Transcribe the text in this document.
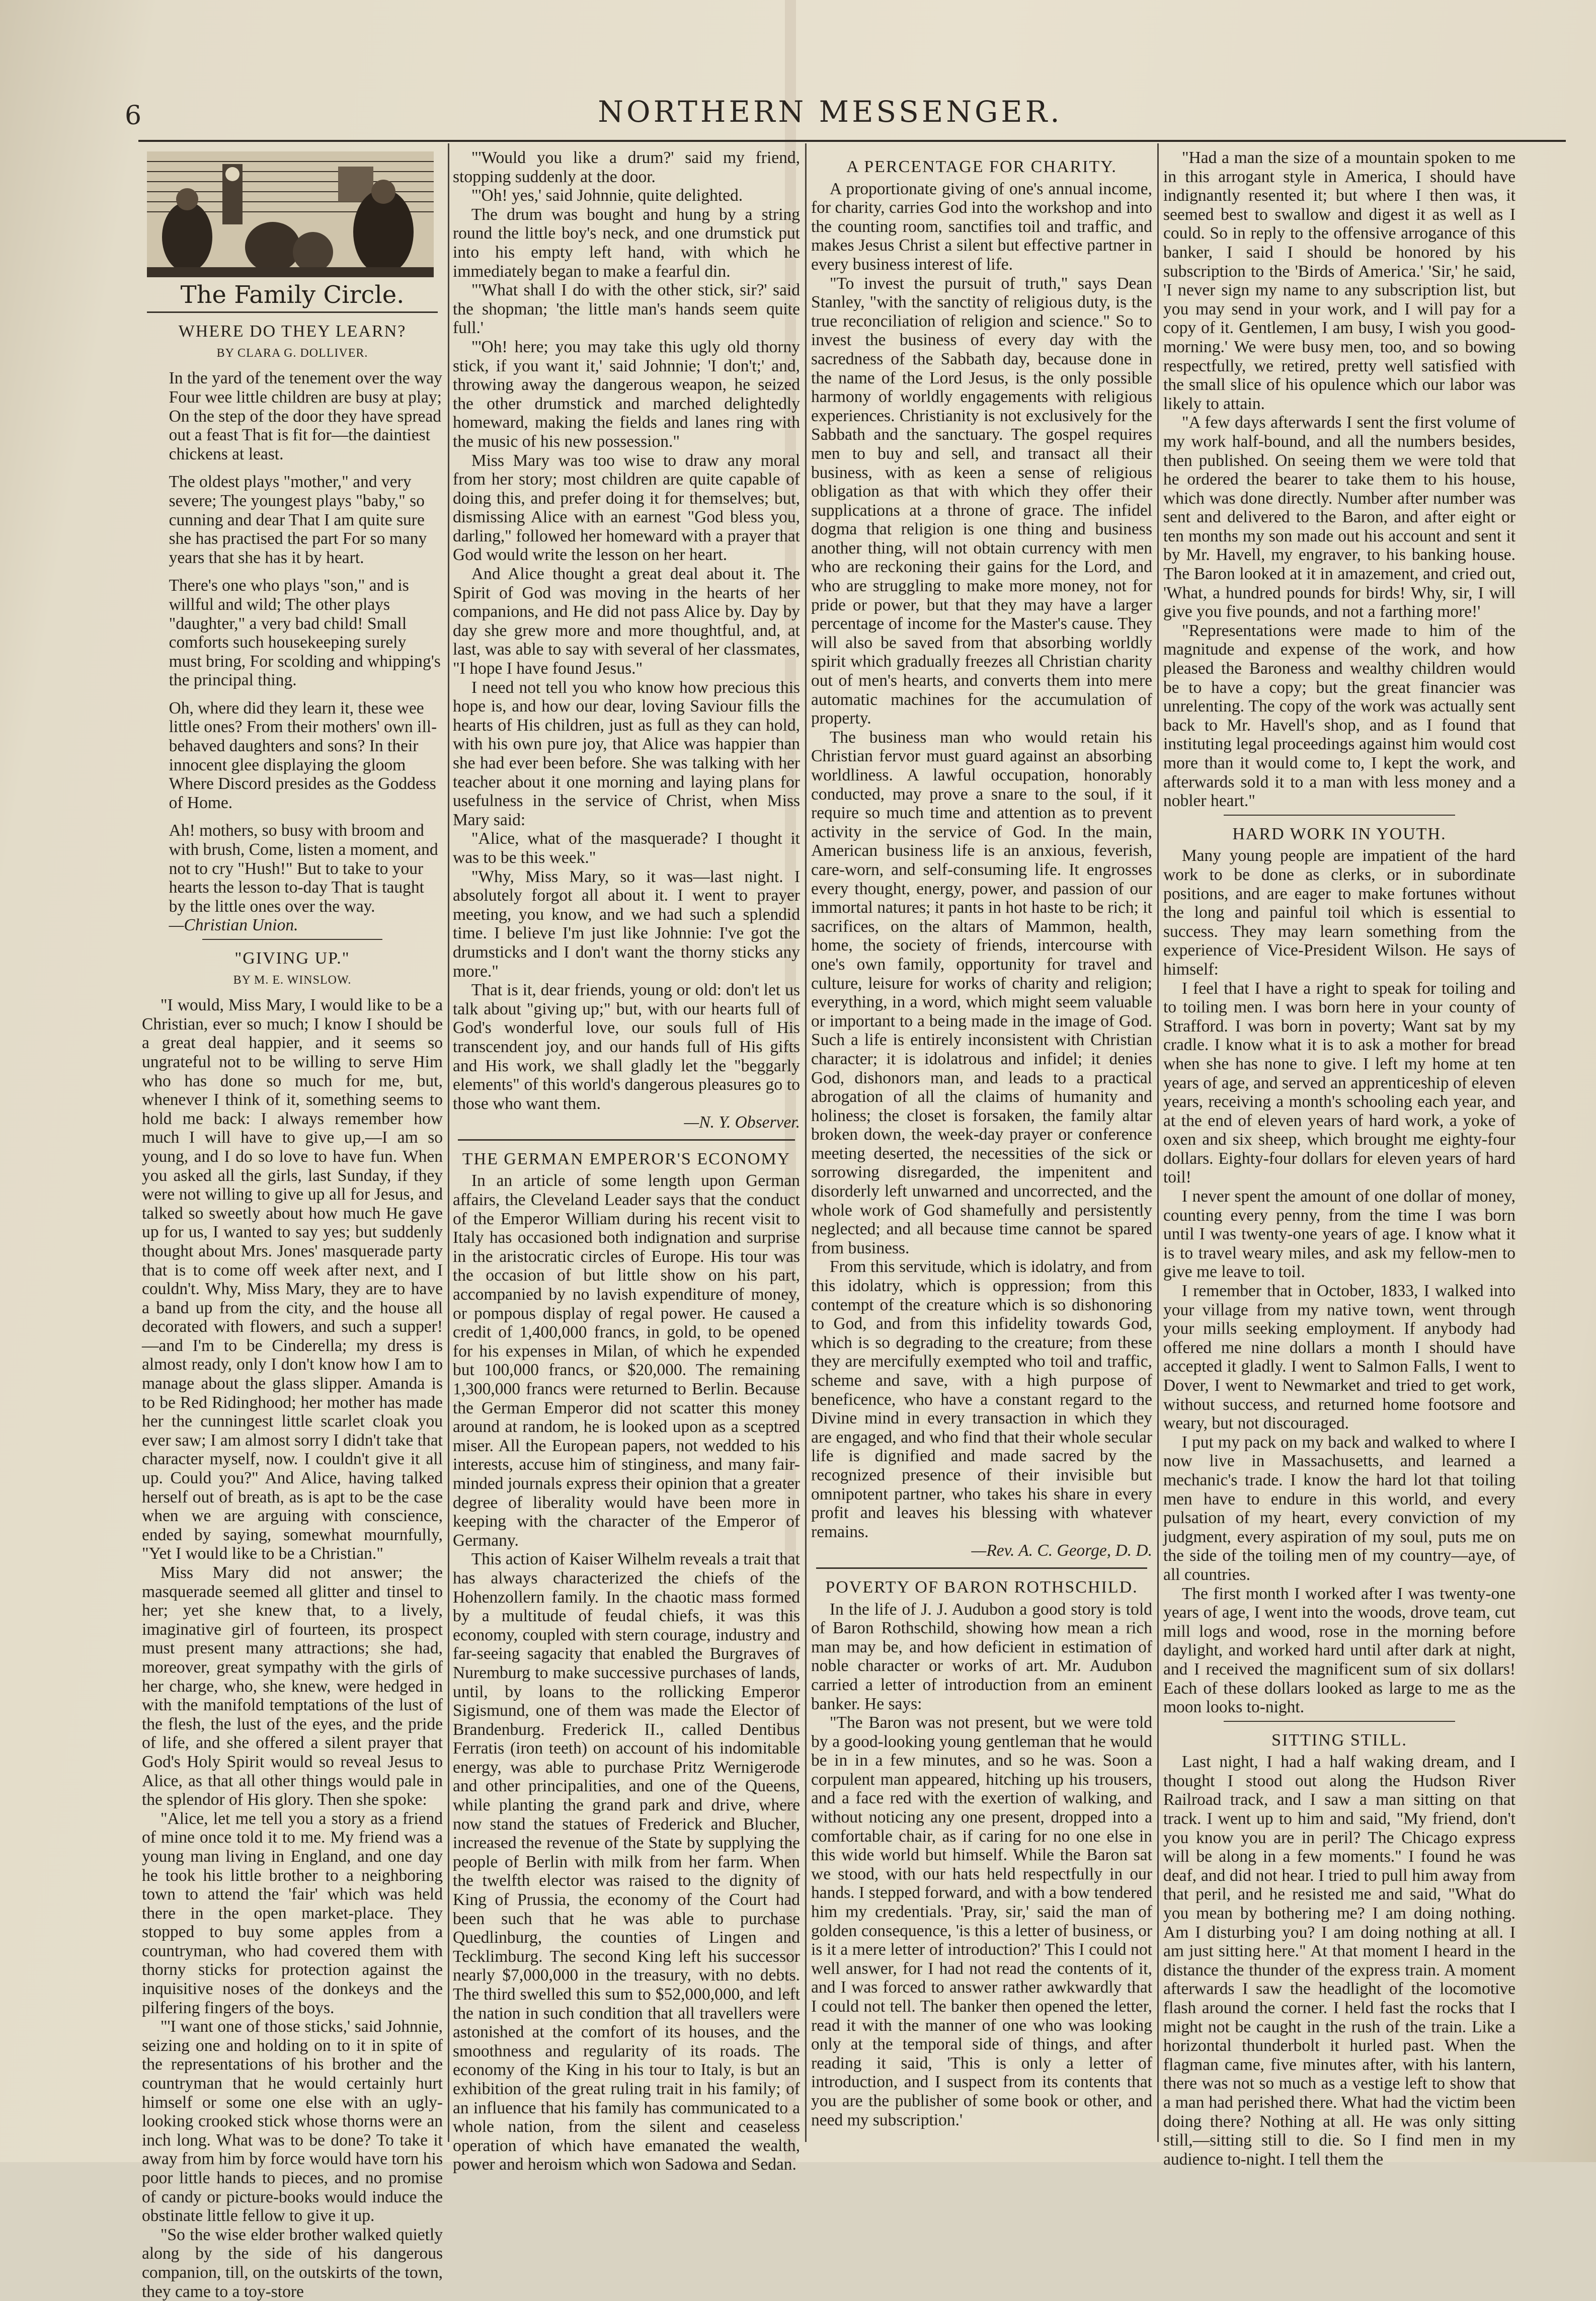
6	NORTHERN MESSENGER.
The Family Circle.
WHERE DO THEY LEARN?
BY CLARA G. DOLLIVER.

In the yard of the tenement over the way Four wee little children are busy at play; On the step of the door they have spread out a feast That is fit for—the daintiest chickens at least.

The oldest plays "mother," and very severe; The youngest plays "baby," so cunning and dear That I am quite sure she has practised the part For so many years that she has it by heart.

There's one who plays "son," and is willful and wild; The other plays "daughter," a very bad child! Small comforts such housekeeping surely must bring, For scolding and whipping's the principal thing.

Oh, where did they learn it, these wee little ones? From their mothers' own ill-behaved daughters and sons? In their innocent glee displaying the gloom Where Discord presides as the Goddess of Home.

Ah! mothers, so busy with broom and with brush, Come, listen a moment, and not to cry "Hush!" But to take to your hearts the lesson to-day That is taught by the little ones over the way.

—Christian Union.

"GIVING UP."
BY M. E. WINSLOW.

"I would, Miss Mary, I would like to be a Christian, ever so much; I know I should be a great deal happier, and it seems so ungrateful not to be willing to serve Him who has done so much for me, but, whenever I think of it, something seems to hold me back: I always remember how much I will have to give up,—I am so young, and I do so love to have fun. When you asked all the girls, last Sunday, if they were not willing to give up all for Jesus, and talked so sweetly about how much He gave up for us, I wanted to say yes; but suddenly thought about Mrs. Jones' masquerade party that is to come off week after next, and I couldn't. Why, Miss Mary, they are to have a band up from the city, and the house all decorated with flowers, and such a supper! —and I'm to be Cinderella; my dress is almost ready, only I don't know how I am to manage about the glass slipper. Amanda is to be Red Ridinghood; her mother has made her the cunningest little scarlet cloak you ever saw; I am almost sorry I didn't take that character myself, now. I couldn't give it all up. Could you?" And Alice, having talked herself out of breath, as is apt to be the case when we are arguing with conscience, ended by saying, somewhat mournfully, "Yet I would like to be a Christian."

Miss Mary did not answer; the masquerade seemed all glitter and tinsel to her; yet she knew that, to a lively, imaginative girl of fourteen, its prospect must present many attractions; she had, moreover, great sympathy with the girls of her charge, who, she knew, were hedged in with the manifold temptations of the lust of the flesh, the lust of the eyes, and the pride of life, and she offered a silent prayer that God's Holy Spirit would so reveal Jesus to Alice, as that all other things would pale in the splendor of His glory. Then she spoke:

"Alice, let me tell you a story as a friend of mine once told it to me. My friend was a young man living in England, and one day he took his little brother to a neighboring town to attend the 'fair' which was held there in the open market-place. They stopped to buy some apples from a countryman, who had covered them with thorny sticks for protection against the inquisitive noses of the donkeys and the pilfering fingers of the boys.

"'I want one of those sticks,' said Johnnie, seizing one and holding on to it in spite of the representations of his brother and the countryman that he would certainly hurt himself or some one else with an ugly-looking crooked stick whose thorns were an inch long. What was to be done? To take it away from him by force would have torn his poor little hands to pieces, and no promise of candy or picture-books would induce the obstinate little fellow to give it up.

"So the wise elder brother walked quietly along by the side of his dangerous companion, till, on the outskirts of the town, they came to a toy-store

"'Would you like a drum?' said my friend, stopping suddenly at the door.

"'Oh! yes,' said Johnnie, quite delighted.

The drum was bought and hung by a string round the little boy's neck, and one drumstick put into his empty left hand, with which he immediately began to make a fearful din.

"'What shall I do with the other stick, sir?' said the shopman; 'the little man's hands seem quite full.'

"'Oh! here; you may take this ugly old thorny stick, if you want it,' said Johnnie; 'I don't;' and, throwing away the dangerous weapon, he seized the other drumstick and marched delightedly homeward, making the fields and lanes ring with the music of his new possession."

Miss Mary was too wise to draw any moral from her story; most children are quite capable of doing this, and prefer doing it for themselves; but, dismissing Alice with an earnest "God bless you, darling," followed her homeward with a prayer that God would write the lesson on her heart.

And Alice thought a great deal about it. The Spirit of God was moving in the hearts of her companions, and He did not pass Alice by. Day by day she grew more and more thoughtful, and, at last, was able to say with several of her classmates, "I hope I have found Jesus."

I need not tell you who know how precious this hope is, and how our dear, loving Saviour fills the hearts of His children, just as full as they can hold, with his own pure joy, that Alice was happier than she had ever been before. She was talking with her teacher about it one morning and laying plans for usefulness in the service of Christ, when Miss Mary said:

"Alice, what of the masquerade? I thought it was to be this week."

"Why, Miss Mary, so it was—last night. I absolutely forgot all about it. I went to prayer meeting, you know, and we had such a splendid time. I believe I'm just like Johnnie: I've got the drumsticks and I don't want the thorny sticks any more."

That is it, dear friends, young or old: don't let us talk about "giving up;" but, with our hearts full of God's wonderful love, our souls full of His transcendent joy, and our hands full of His gifts and His work, we shall gladly let the "beggarly elements" of this world's dangerous pleasures go to those who want them.

—N. Y. Observer.

THE GERMAN EMPEROR'S ECONOMY

In an article of some length upon German affairs, the Cleveland Leader says that the conduct of the Emperor William during his recent visit to Italy has occasioned both indignation and surprise in the aristocratic circles of Europe. His tour was the occasion of but little show on his part, accompanied by no lavish expenditure of money, or pompous display of regal power. He caused a credit of 1,400,000 francs, in gold, to be opened for his expenses in Milan, of which he expended but 100,000 francs, or $20,000. The remaining 1,300,000 francs were returned to Berlin. Because the German Emperor did not scatter this money around at random, he is looked upon as a sceptred miser. All the European papers, not wedded to his interests, accuse him of stinginess, and many fair-minded journals express their opinion that a greater degree of liberality would have been more in keeping with the character of the Emperor of Germany.

This action of Kaiser Wilhelm reveals a trait that has always characterized the chiefs of the Hohenzollern family. In the chaotic mass formed by a multitude of feudal chiefs, it was this economy, coupled with stern courage, industry and far-seeing sagacity that enabled the Burgraves of Nuremburg to make successive purchases of lands, until, by loans to the rollicking Emperor Sigismund, one of them was made the Elector of Brandenburg. Frederick II., called Dentibus Ferratis (iron teeth) on account of his indomitable energy, was able to purchase Pritz Wernigerode and other principalities, and one of the Queens, while planting the grand park and drive, where now stand the statues of Frederick and Blucher, increased the revenue of the State by supplying the people of Berlin with milk from her farm. When the twelfth elector was raised to the dignity of King of Prussia, the economy of the Court had been such that he was able to purchase Quedlinburg, the counties of Lingen and Tecklimburg. The second King left his successor nearly $7,000,000 in the treasury, with no debts. The third swelled this sum to $52,000,000, and left the nation in such condition that all travellers were astonished at the comfort of its houses, and the smoothness and regularity of its roads. The economy of the King in his tour to Italy, is but an exhibition of the great ruling trait in his family; of an influence that his family has communicated to a whole nation, from the silent and ceaseless operation of which have emanated the wealth, power and heroism which won Sadowa and Sedan.

A PERCENTAGE FOR CHARITY.

A proportionate giving of one's annual income, for charity, carries God into the workshop and into the counting room, sanctifies toil and traffic, and makes Jesus Christ a silent but effective partner in every business interest of life.

"To invest the pursuit of truth," says Dean Stanley, "with the sanctity of religious duty, is the true reconciliation of religion and science." So to invest the business of every day with the sacredness of the Sabbath day, because done in the name of the Lord Jesus, is the only possible harmony of worldly engagements with religious experiences. Christianity is not exclusively for the Sabbath and the sanctuary. The gospel requires men to buy and sell, and transact all their business, with as keen a sense of religious obligation as that with which they offer their supplications at a throne of grace. The infidel dogma that religion is one thing and business another thing, will not obtain currency with men who are reckoning their gains for the Lord, and who are struggling to make more money, not for pride or power, but that they may have a larger percentage of income for the Master's cause. They will also be saved from that absorbing worldly spirit which gradually freezes all Christian charity out of men's hearts, and converts them into mere automatic machines for the accumulation of property.

The business man who would retain his Christian fervor must guard against an absorbing worldliness. A lawful occupation, honorably conducted, may prove a snare to the soul, if it require so much time and attention as to prevent activity in the service of God. In the main, American business life is an anxious, feverish, care-worn, and self-consuming life. It engrosses every thought, energy, power, and passion of our immortal natures; it pants in hot haste to be rich; it sacrifices, on the altars of Mammon, health, home, the society of friends, intercourse with one's own family, opportunity for travel and culture, leisure for works of charity and religion; everything, in a word, which might seem valuable or important to a being made in the image of God. Such a life is entirely inconsistent with Christian character; it is idolatrous and infidel; it denies God, dishonors man, and leads to a practical abrogation of all the claims of humanity and holiness; the closet is forsaken, the family altar broken down, the week-day prayer or conference meeting deserted, the necessities of the sick or sorrowing disregarded, the impenitent and disorderly left unwarned and uncorrected, and the whole work of God shamefully and persistently neglected; and all because time cannot be spared from business.

From this servitude, which is idolatry, and from this idolatry, which is oppression; from this contempt of the creature which is so dishonoring to God, and from this infidelity towards God, which is so degrading to the creature; from these they are mercifully exempted who toil and traffic, scheme and save, with a high purpose of beneficence, who have a constant regard to the Divine mind in every transaction in which they are engaged, and who find that their whole secular life is dignified and made sacred by the recognized presence of their invisible but omnipotent partner, who takes his share in every profit and leaves his blessing with whatever remains.

—Rev. A. C. George, D. D.

POVERTY OF BARON ROTHSCHILD.

In the life of J. J. Audubon a good story is told of Baron Rothschild, showing how mean a rich man may be, and how deficient in estimation of noble character or works of art. Mr. Audubon carried a letter of introduction from an eminent banker. He says:

"The Baron was not present, but we were told by a good-looking young gentleman that he would be in in a few minutes, and so he was. Soon a corpulent man appeared, hitching up his trousers, and a face red with the exertion of walking, and without noticing any one present, dropped into a comfortable chair, as if caring for no one else in this wide world but himself. While the Baron sat we stood, with our hats held respectfully in our hands. I stepped forward, and with a bow tendered him my credentials. 'Pray, sir,' said the man of golden consequence, 'is this a letter of business, or is it a mere letter of introduction?' This I could not well answer, for I had not read the contents of it, and I was forced to answer rather awkwardly that I could not tell. The banker then opened the letter, read it with the manner of one who was looking only at the temporal side of things, and after reading it said, 'This is only a letter of introduction, and I suspect from its contents that you are the publisher of some book or other, and need my subscription.'

"Had a man the size of a mountain spoken to me in this arrogant style in America, I should have indignantly resented it; but where I then was, it seemed best to swallow and digest it as well as I could. So in reply to the offensive arrogance of this banker, I said I should be honored by his subscription to the 'Birds of America.' 'Sir,' he said, 'I never sign my name to any subscription list, but you may send in your work, and I will pay for a copy of it. Gentlemen, I am busy, I wish you good-morning.' We were busy men, too, and so bowing respectfully, we retired, pretty well satisfied with the small slice of his opulence which our labor was likely to attain.

"A few days afterwards I sent the first volume of my work half-bound, and all the numbers besides, then published. On seeing them we were told that he ordered the bearer to take them to his house, which was done directly. Number after number was sent and delivered to the Baron, and after eight or ten months my son made out his account and sent it by Mr. Havell, my engraver, to his banking house. The Baron looked at it in amazement, and cried out, 'What, a hundred pounds for birds! Why, sir, I will give you five pounds, and not a farthing more!'

"Representations were made to him of the magnitude and expense of the work, and how pleased the Baroness and wealthy children would be to have a copy; but the great financier was unrelenting. The copy of the work was actually sent back to Mr. Havell's shop, and as I found that instituting legal proceedings against him would cost more than it would come to, I kept the work, and afterwards sold it to a man with less money and a nobler heart."

HARD WORK IN YOUTH.

Many young people are impatient of the hard work to be done as clerks, or in subordinate positions, and are eager to make fortunes without the long and painful toil which is essential to success. They may learn something from the experience of Vice-President Wilson. He says of himself:

I feel that I have a right to speak for toiling and to toiling men. I was born here in your county of Strafford. I was born in poverty; Want sat by my cradle. I know what it is to ask a mother for bread when she has none to give. I left my home at ten years of age, and served an apprenticeship of eleven years, receiving a month's schooling each year, and at the end of eleven years of hard work, a yoke of oxen and six sheep, which brought me eighty-four dollars. Eighty-four dollars for eleven years of hard toil!

I never spent the amount of one dollar of money, counting every penny, from the time I was born until I was twenty-one years of age. I know what it is to travel weary miles, and ask my fellow-men to give me leave to toil.

I remember that in October, 1833, I walked into your village from my native town, went through your mills seeking employment. If anybody had offered me nine dollars a month I should have accepted it gladly. I went to Salmon Falls, I went to Dover, I went to Newmarket and tried to get work, without success, and returned home footsore and weary, but not discouraged.

I put my pack on my back and walked to where I now live in Massachusetts, and learned a mechanic's trade. I know the hard lot that toiling men have to endure in this world, and every pulsation of my heart, every conviction of my judgment, every aspiration of my soul, puts me on the side of the toiling men of my country—aye, of all countries.

The first month I worked after I was twenty-one years of age, I went into the woods, drove team, cut mill logs and wood, rose in the morning before daylight, and worked hard until after dark at night, and I received the magnificent sum of six dollars! Each of these dollars looked as large to me as the moon looks to-night.

SITTING STILL.

Last night, I had a half waking dream, and I thought I stood out along the Hudson River Railroad track, and I saw a man sitting on that track. I went up to him and said, "My friend, don't you know you are in peril? The Chicago express will be along in a few moments." I found he was deaf, and did not hear. I tried to pull him away from that peril, and he resisted me and said, "What do you mean by bothering me? I am doing nothing. Am I disturbing you? I am doing nothing at all. I am just sitting here." At that moment I heard in the distance the thunder of the express train. A moment afterwards I saw the headlight of the locomotive flash around the corner. I held fast the rocks that I might not be caught in the rush of the train. Like a horizontal thunderbolt it hurled past. When the flagman came, five minutes after, with his lantern, there was not so much as a vestige left to show that a man had perished there. What had the victim been doing there? Nothing at all. He was only sitting still,—sitting still to die. So I find men in my audience to-night. I tell them the
